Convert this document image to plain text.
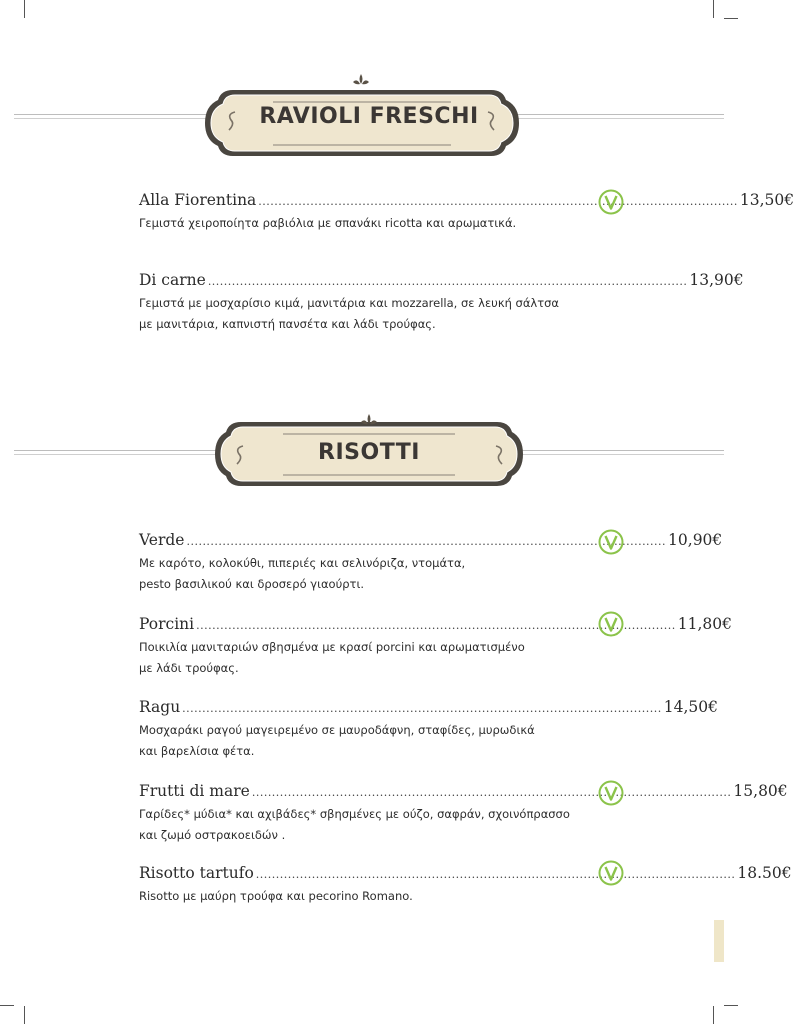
RAVIOLI FRESCHI
RISOTTI
Alla Fiorentina ........................................................................................................................ 13,50€
Γεμιστά χειροποίητα ραβιόλια με σπανάκι ricotta και αρωματικά.
Di carne ........................................................................................................................ 13,90€
Γεμιστά με μοσχαρίσιο κιμά, μανιτάρια και mozzarella, σε λευκή σάλτσα
με μανιτάρια, καπνιστή πανσέτα και λάδι τρούφας.
Verde ........................................................................................................................ 10,90€
Με καρότο, κολοκύθι, πιπεριές και σελινόριζα, ντομάτα,
pesto βασιλικού και δροσερό γιαούρτι.
Porcini ........................................................................................................................ 11,80€
Ποικιλία μανιταριών σβησμένα με κρασί porcini και αρωματισμένο
με λάδι τρούφας.
Ragu ........................................................................................................................ 14,50€
Μοσχαράκι ραγού μαγειρεμένο σε μαυροδάφνη, σταφίδες, μυρωδικά
και βαρελίσια φέτα.
Frutti di mare ........................................................................................................................ 15,80€
Γαρίδες* μύδια* και αχιβάδες* σβησμένες με ούζο, σαφράν, σχοινόπρασσο
και ζωμό οστρακοειδών .
Risotto tartufo ........................................................................................................................ 18.50€
Risotto με μαύρη τρούφα και pecorino Romano.
